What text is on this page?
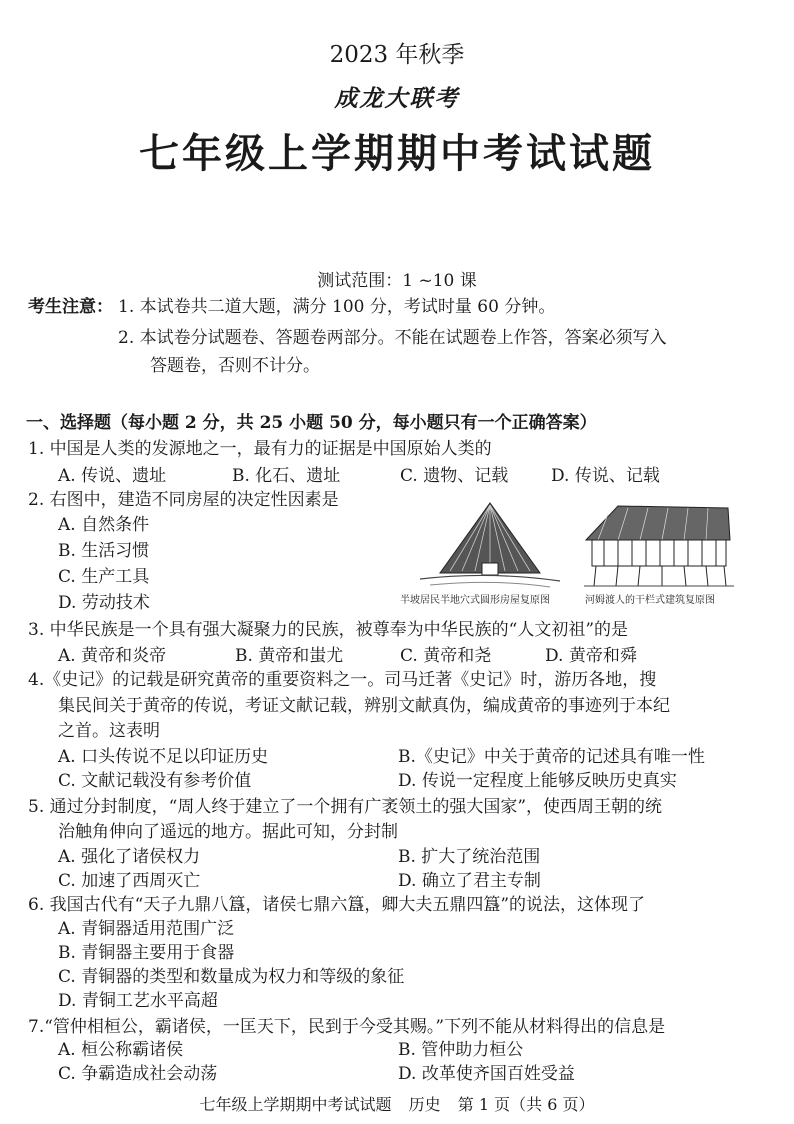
2023 年秋季
成龙大联考
七年级上学期期中考试试题
测试范围：1 ~10 课
考生注意： 1. 本试卷共二道大题，满分 100 分，考试时量 60 分钟。
2. 本试卷分试题卷、答题卷两部分。不能在试题卷上作答，答案必须写入
答题卷，否则不计分。
一、选择题（每小题 2 分，共 25 小题 50 分，每小题只有一个正确答案）
1. 中国是人类的发源地之一，最有力的证据是中国原始人类的
A. 传说、遗址	B. 化石、遗址	C. 遗物、记载	D. 传说、记载
2. 右图中，建造不同房屋的决定性因素是
A. 自然条件
B. 生活习惯
C. 生产工具
D. 劳动技术	半坡居民半地穴式圆形房屋复原图	河姆渡人的干栏式建筑复原图
3. 中华民族是一个具有强大凝聚力的民族，被尊奉为中华民族的“人文初祖”的是
A. 黄帝和炎帝	B. 黄帝和蚩尤	C. 黄帝和尧	D. 黄帝和舜
4.《史记》的记载是研究黄帝的重要资料之一。司马迁著《史记》时，游历各地，搜
集民间关于黄帝的传说，考证文献记载，辨别文献真伪，编成黄帝的事迹列于本纪
之首。这表明
A. 口头传说不足以印证历史	B.《史记》中关于黄帝的记述具有唯一性
C. 文献记载没有参考价值	D. 传说一定程度上能够反映历史真实
5. 通过分封制度，“周人终于建立了一个拥有广袤领土的强大国家”，使西周王朝的统
治触角伸向了遥远的地方。据此可知，分封制
A. 强化了诸侯权力	B. 扩大了统治范围
C. 加速了西周灭亡	D. 确立了君主专制
6. 我国古代有“天子九鼎八簋，诸侯七鼎六簋，卿大夫五鼎四簋”的说法，这体现了
A. 青铜器适用范围广泛
B. 青铜器主要用于食器
C. 青铜器的类型和数量成为权力和等级的象征
D. 青铜工艺水平高超
7.“管仲相桓公，霸诸侯，一匡天下，民到于今受其赐。”下列不能从材料得出的信息是
A. 桓公称霸诸侯	B. 管仲助力桓公
C. 争霸造成社会动荡	D. 改革使齐国百姓受益
七年级上学期期中考试试题 历史 第 1 页（共 6 页）
